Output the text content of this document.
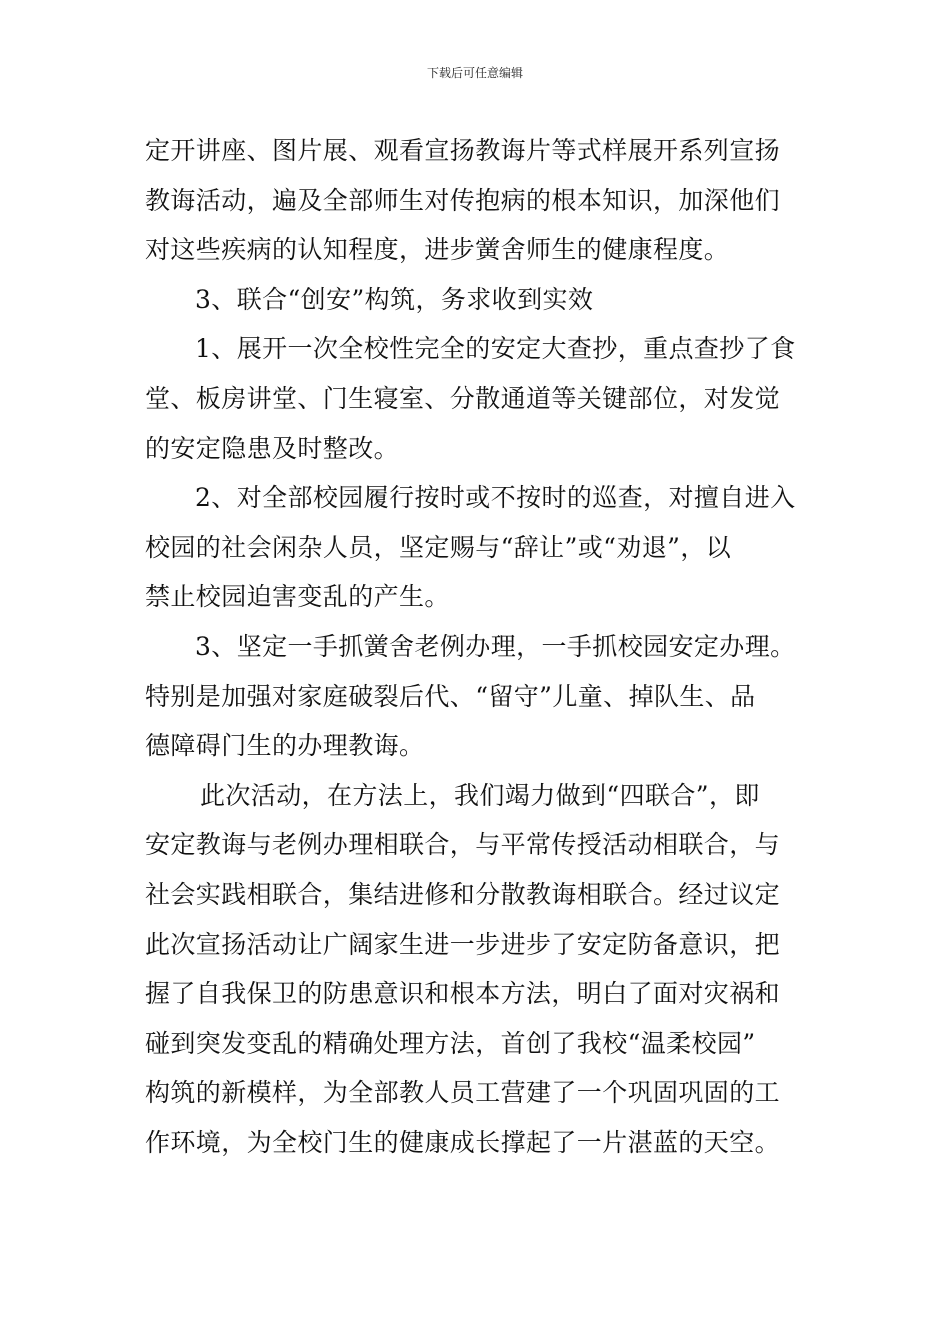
下载后可任意编辑
定开讲座、图片展、观看宣扬教诲片等式样展开系列宣扬
教诲活动，遍及全部师生对传抱病的根本知识，加深他们
对这些疾病的认知程度，进步黉舍师生的健康程度。
3、联合“创安”构筑，务求收到实效
1、展开一次全校性完全的安定大查抄，重点查抄了食
堂、板房讲堂、门生寝室、分散通道等关键部位，对发觉
的安定隐患及时整改。
2、对全部校园履行按时或不按时的巡查，对擅自进入
校园的社会闲杂人员，坚定赐与“辞让”或“劝退”，以
禁止校园迫害变乱的产生。
3、坚定一手抓黉舍老例办理，一手抓校园安定办理。
特别是加强对家庭破裂后代、“留守”儿童、掉队生、品
德障碍门生的办理教诲。
此次活动，在方法上，我们竭力做到“四联合”，即
安定教诲与老例办理相联合，与平常传授活动相联合，与
社会实践相联合，集结进修和分散教诲相联合。经过议定
此次宣扬活动让广阔家生进一步进步了安定防备意识，把
握了自我保卫的防患意识和根本方法，明白了面对灾祸和
碰到突发变乱的精确处理方法，首创了我校“温柔校园”
构筑的新模样，为全部教人员工营建了一个巩固巩固的工
作环境，为全校门生的健康成长撑起了一片湛蓝的天空。
